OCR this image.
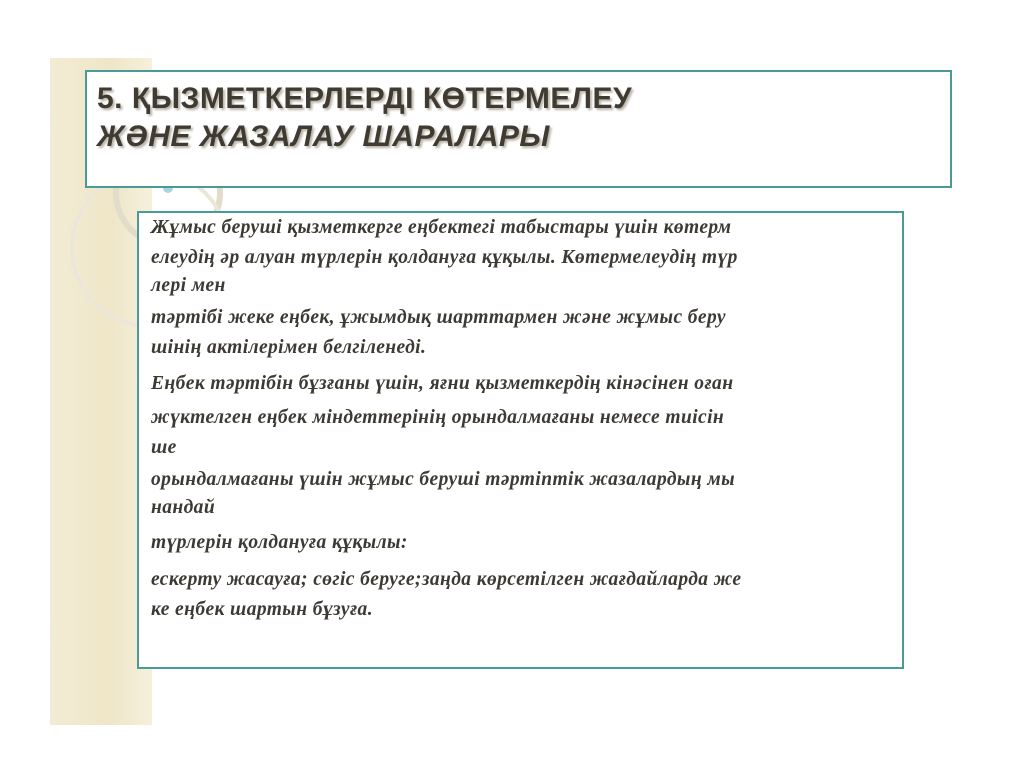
5. ҚЫЗМЕТКЕРЛЕРДІ КӨТЕРМЕЛЕУ
ЖӘНЕ ЖАЗАЛАУ ШАРАЛАРЫ
Жұмыс беруші қызметкерге еңбектегі табыстары үшін көтерм
елеудің әр алуан түрлерін қолдануға құқылы. Көтермелеудің түр
лері мен
тәртібі жеке еңбек, ұжымдық шарттармен және жұмыс беру
шінің актілерімен белгіленеді.
Еңбек тәртібін бұзғаны үшін, яғни қызметкердің кінәсінен оған
жүктелген еңбек міндеттерінің орындалмағаны немесе тиісін
ше
орындалмағаны үшін жұмыс беруші тәртіптік жазалардың мы
нандай
түрлерін қолдануға құқылы:
ескерту жасауға; сөгіс беруге;заңда көрсетілген жағдайларда же
ке еңбек шартын бұзуға.
